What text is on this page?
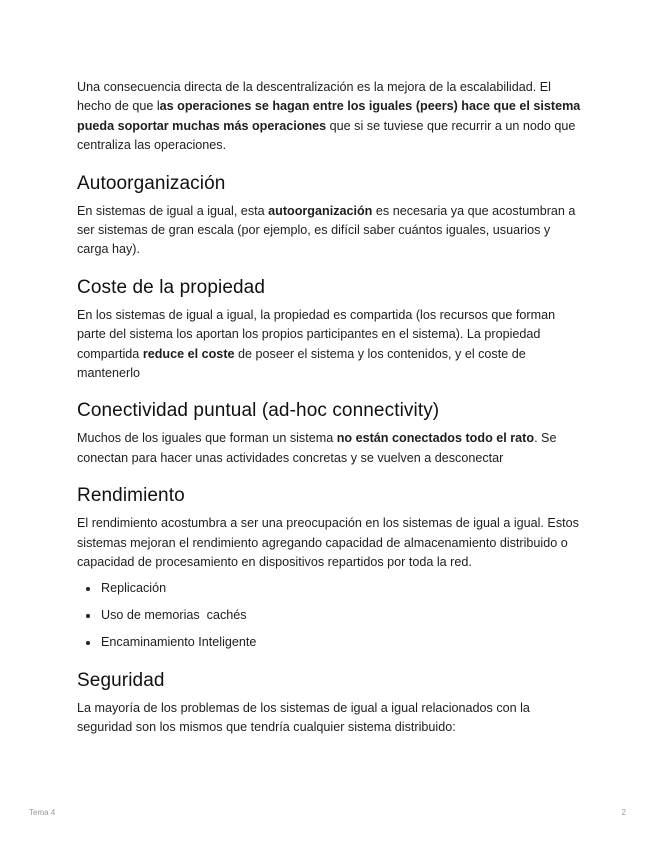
Una consecuencia directa de la descentralización es la mejora de la escalabilidad. El hecho de que las operaciones se hagan entre los iguales (peers) hace que el sistema pueda soportar muchas más operaciones que si se tuviese que recurrir a un nodo que centraliza las operaciones.

Autoorganización

En sistemas de igual a igual, esta autoorganización es necesaria ya que acostumbran a ser sistemas de gran escala (por ejemplo, es difícil saber cuántos iguales, usuarios y carga hay).

Coste de la propiedad

En los sistemas de igual a igual, la propiedad es compartida (los recursos que forman parte del sistema los aportan los propios participantes en el sistema). La propiedad compartida reduce el coste de poseer el sistema y los contenidos, y el coste de mantenerlo

Conectividad puntual (ad-hoc connectivity)

Muchos de los iguales que forman un sistema no están conectados todo el rato. Se conectan para hacer unas actividades concretas y se vuelven a desconectar

Rendimiento

El rendimiento acostumbra a ser una preocupación en los sistemas de igual a igual. Estos sistemas mejoran el rendimiento agregando capacidad de almacenamiento distribuido o capacidad de procesamiento en dispositivos repartidos por toda la red.

Replicación
Uso de memorias  cachés
Encaminamiento Inteligente
Seguridad

La mayoría de los problemas de los sistemas de igual a igual relacionados con la seguridad son los mismos que tendría cualquier sistema distribuido:

Tema 4	2
